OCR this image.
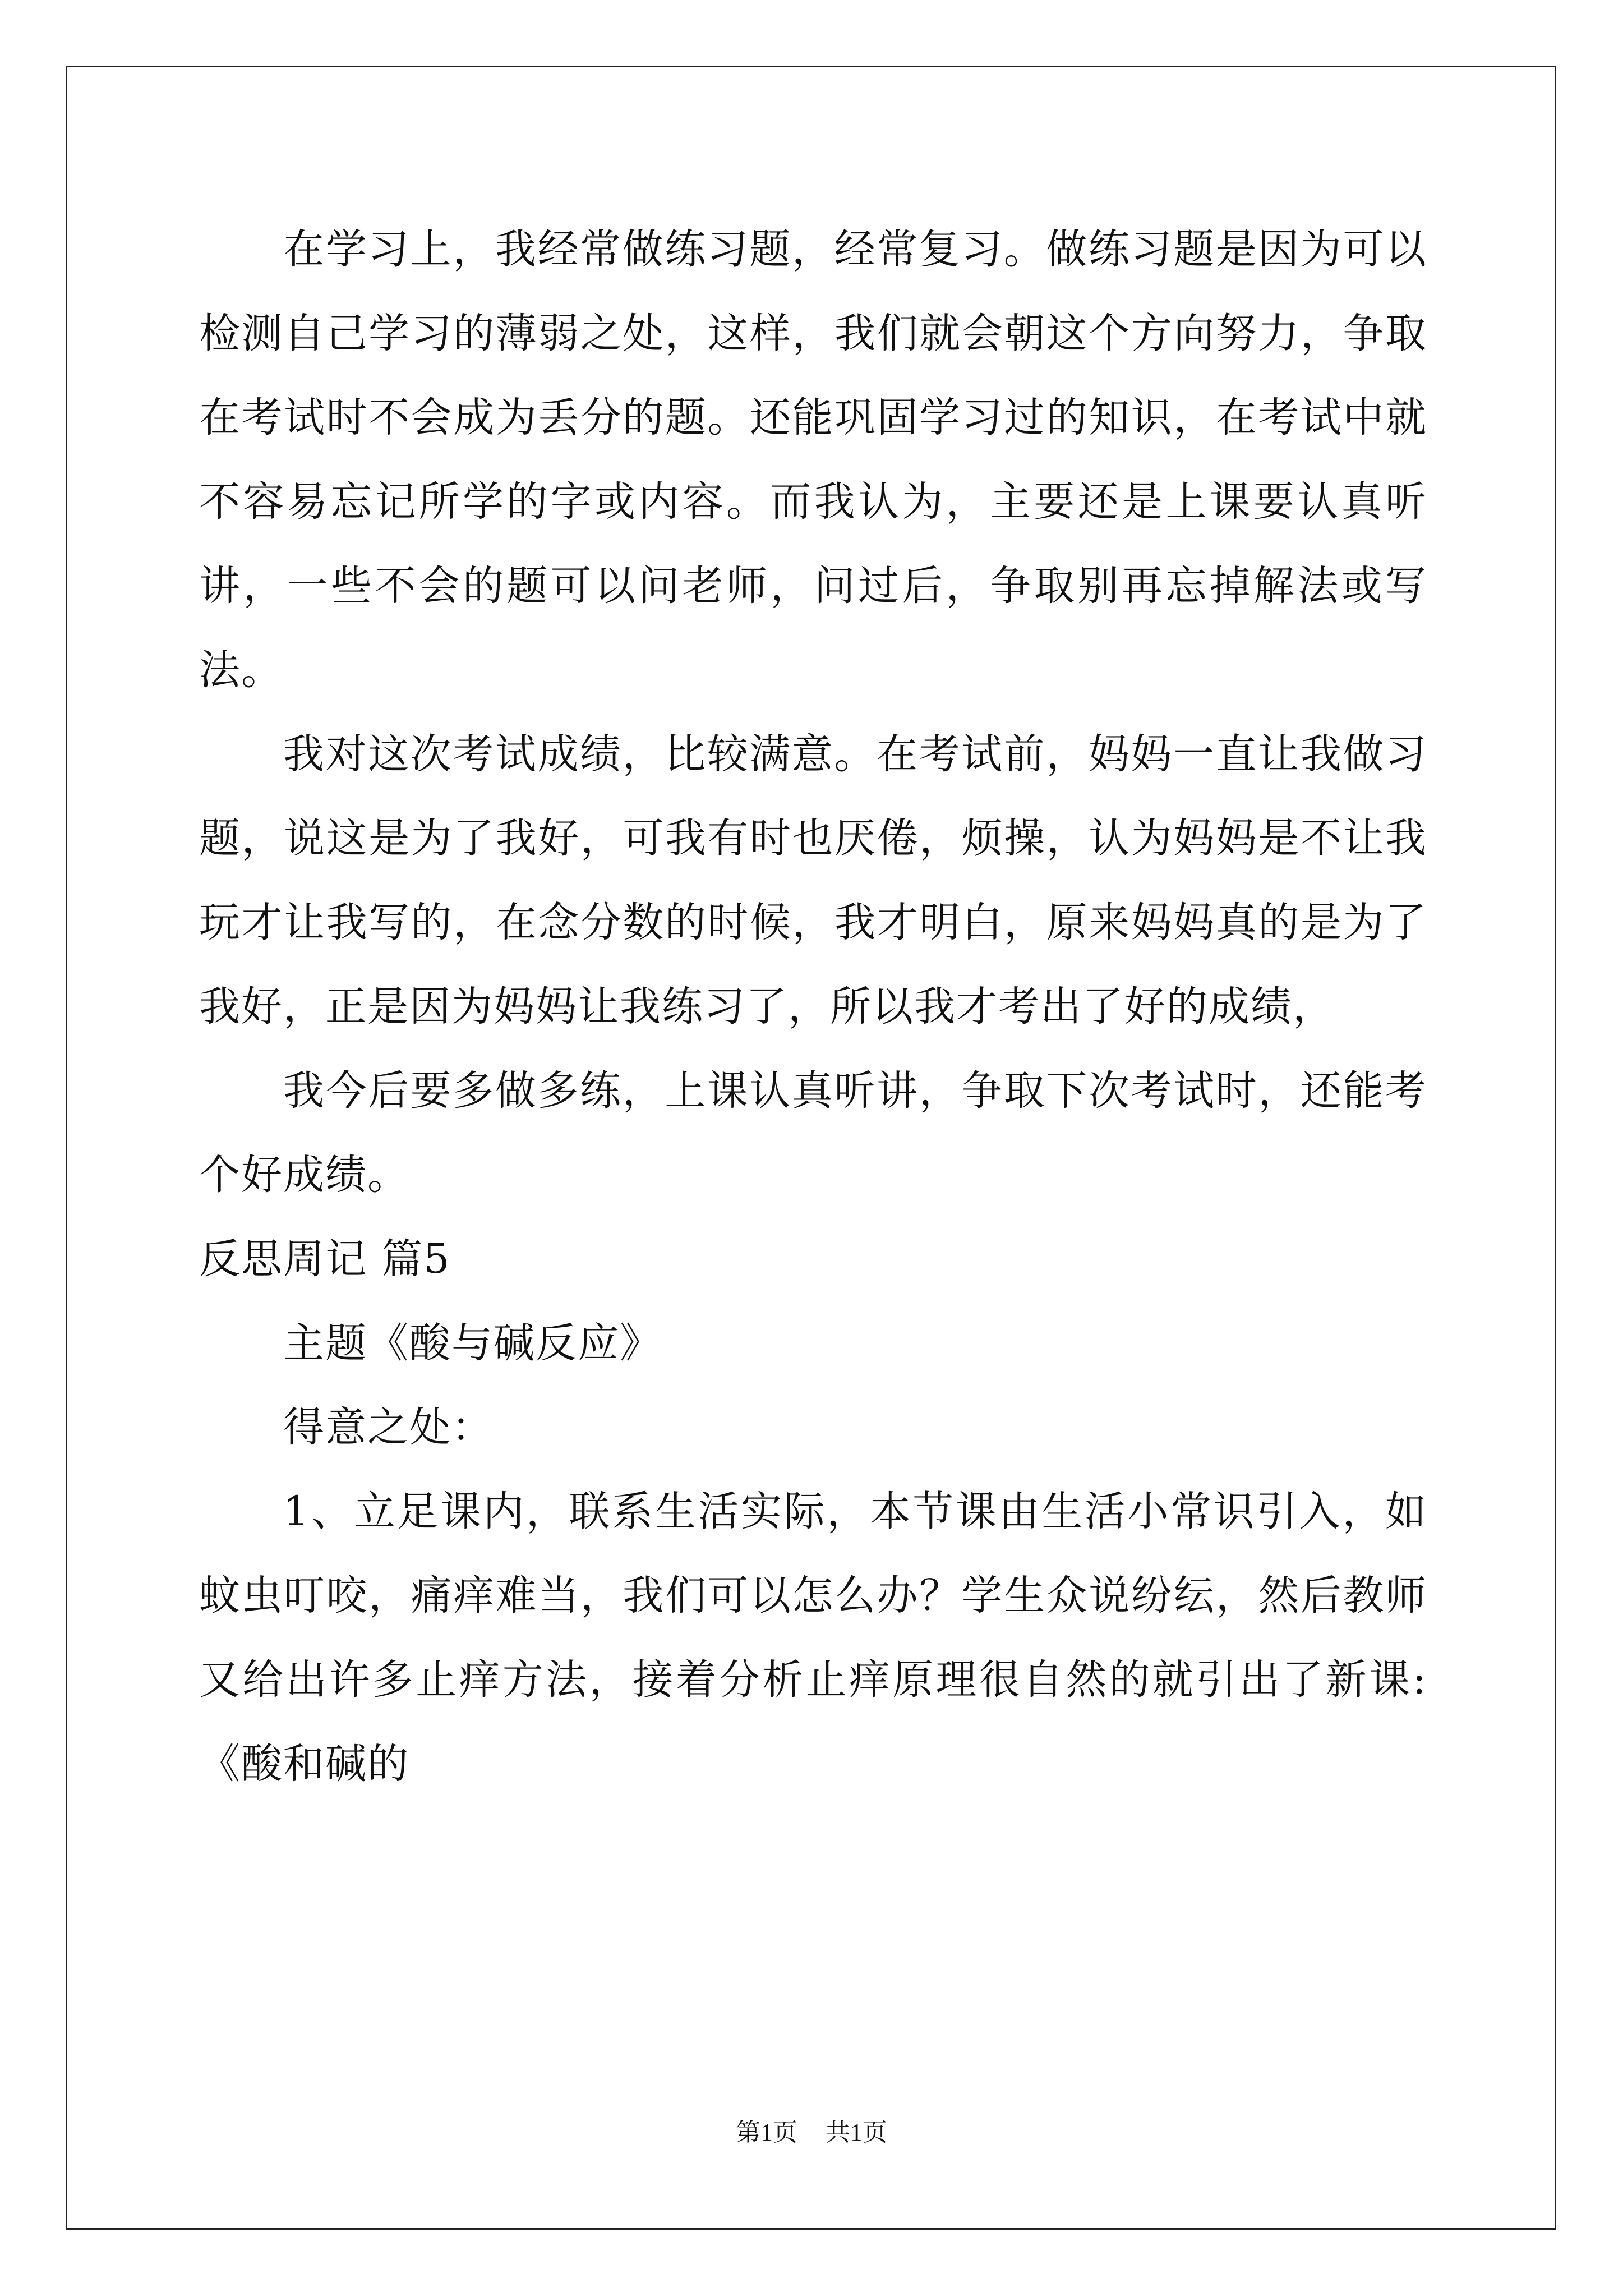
在学习上，我经常做练习题，经常复习。做练习题是因为可以检测自己学习的薄弱之处，这样，我们就会朝这个方向努力，争取在考试时不会成为丢分的题。还能巩固学习过的知识，在考试中就不容易忘记所学的字或内容。而我认为，主要还是上课要认真听讲，一些不会的题可以问老师，问过后，争取别再忘掉解法或写法。

我对这次考试成绩，比较满意。在考试前，妈妈一直让我做习题，说这是为了我好，可我有时也厌倦，烦操，认为妈妈是不让我玩才让我写的，在念分数的时候，我才明白，原来妈妈真的是为了我好，正是因为妈妈让我练习了，所以我才考出了好的成绩，

我今后要多做多练，上课认真听讲，争取下次考试时，还能考个好成绩。

反思周记 篇5

主题《酸与碱反应》

得意之处：

1、立足课内，联系生活实际，本节课由生活小常识引入，如蚊虫叮咬，痛痒难当，我们可以怎么办？学生众说纷纭，然后教师又给出许多止痒方法，接着分析止痒原理很自然的就引出了新课:《酸和碱的

第1页 共1页
